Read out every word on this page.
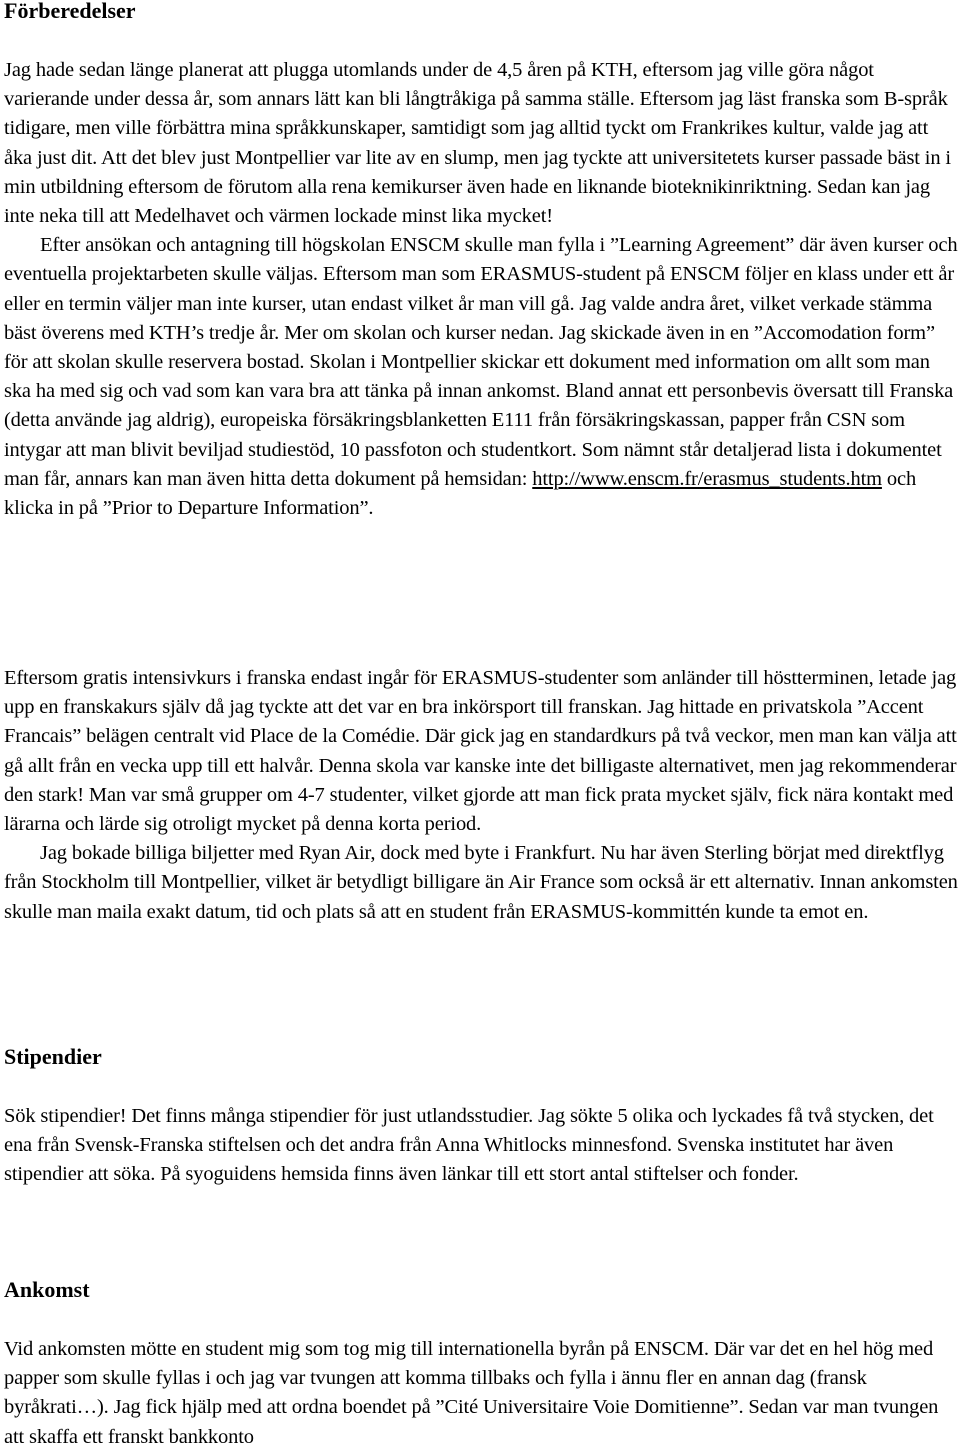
Förberedelser

Jag hade sedan länge planerat att plugga utomlands under de 4,5 åren på KTH, eftersom jag ville göra något varierande under dessa år, som annars lätt kan bli långtråkiga på samma ställe. Eftersom jag läst franska som B-språk tidigare, men ville förbättra mina språkkunskaper, samtidigt som jag alltid tyckt om Frankrikes kultur, valde jag att åka just dit. Att det blev just Montpellier var lite av en slump, men jag tyckte att universitetets kurser passade bäst in i min utbildning eftersom de förutom alla rena kemikurser även hade en liknande bioteknikinriktning. Sedan kan jag inte neka till att Medelhavet och värmen lockade minst lika mycket!
Efter ansökan och antagning till högskolan ENSCM skulle man fylla i ”Learning Agreement” där även kurser och eventuella projektarbeten skulle väljas. Eftersom man som ERASMUS-student på ENSCM följer en klass under ett år eller en termin väljer man inte kurser, utan endast vilket år man vill gå. Jag valde andra året, vilket verkade stämma bäst överens med KTH’s tredje år. Mer om skolan och kurser nedan. Jag skickade även in en ”Accomodation form” för att skolan skulle reservera bostad. Skolan i Montpellier skickar ett dokument med information om allt som man ska ha med sig och vad som kan vara bra att tänka på innan ankomst. Bland annat ett personbevis översatt till Franska (detta använde jag aldrig), europeiska försäkringsblanketten E111 från försäkringskassan, papper från CSN som intygar att man blivit beviljad studiestöd, 10 passfoton och studentkort. Som nämnt står detaljerad lista i dokumentet man får, annars kan man även hitta detta dokument på hemsidan: http://www.enscm.fr/erasmus_students.htm och klicka in på ”Prior to Departure Information”.

Eftersom gratis intensivkurs i franska endast ingår för ERASMUS-studenter som anländer till höstterminen, letade jag upp en franskakurs själv då jag tyckte att det var en bra inkörsport till franskan. Jag hittade en privatskola ”Accent Francais” belägen centralt vid Place de la Comédie. Där gick jag en standardkurs på två veckor, men man kan välja att gå allt från en vecka upp till ett halvår. Denna skola var kanske inte det billigaste alternativet, men jag rekommenderar den stark! Man var små grupper om 4-7 studenter, vilket gjorde att man fick prata mycket själv, fick nära kontakt med lärarna och lärde sig otroligt mycket på denna korta period.
Jag bokade billiga biljetter med Ryan Air, dock med byte i Frankfurt. Nu har även Sterling börjat med direktflyg från Stockholm till Montpellier, vilket är betydligt billigare än Air France som också är ett alternativ. Innan ankomsten skulle man maila exakt datum, tid och plats så att en student från ERASMUS-kommittén kunde ta emot en.

Stipendier

Sök stipendier! Det finns många stipendier för just utlandsstudier. Jag sökte 5 olika och lyckades få två stycken, det ena från Svensk-Franska stiftelsen och det andra från Anna Whitlocks minnesfond. Svenska institutet har även stipendier att söka. På syoguidens hemsida finns även länkar till ett stort antal stiftelser och fonder.

Ankomst

Vid ankomsten mötte en student mig som tog mig till internationella byrån på ENSCM. Där var det en hel hög med papper som skulle fyllas i och jag var tvungen att komma tillbaks och fylla i ännu fler en annan dag (fransk byråkrati…). Jag fick hjälp med att ordna boendet på ”Cité Universitaire Voie Domitienne”. Sedan var man tvungen att skaffa ett franskt bankkonto
